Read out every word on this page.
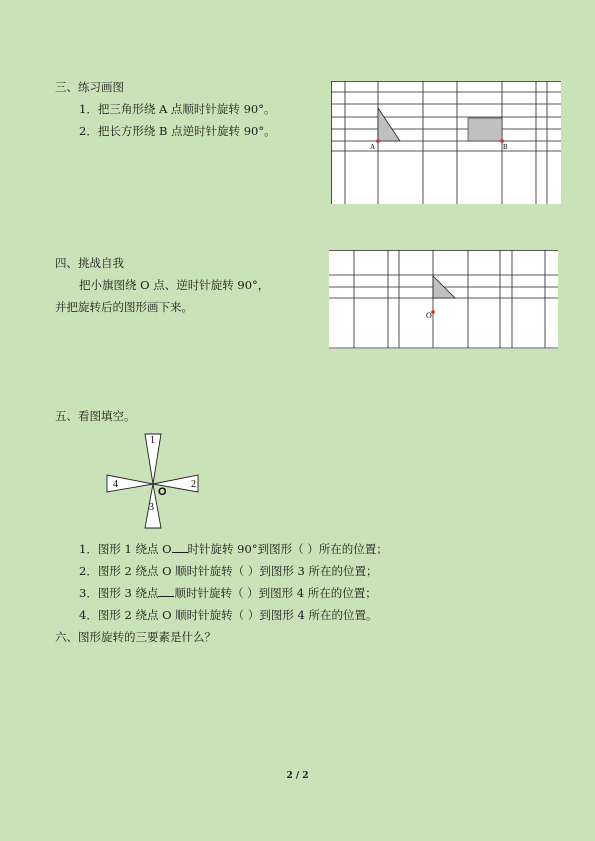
三、练习画图
1．把三角形绕 A 点顺时针旋转 90°。
2．把长方形绕 B 点逆时针旋转 90°。
A	B
四、挑战自我
把小旗图绕 O 点、逆时针旋转 90°，
并把旋转后的图形画下来。
O
五、看图填空。
1
2
3
4
O
1．图形 1 绕点 O 时针旋转 90°到图形（ ）所在的位置；
2．图形 2 绕点 O 顺时针旋转（ ）到图形 3 所在的位置；
3．图形 3 绕点 顺时针旋转（ ）到图形 4 所在的位置；
4．图形 2 绕点 O 顺时针旋转（ ）到图形 4 所在的位置。
六、图形旋转的三要素是什么？
2 / 2
